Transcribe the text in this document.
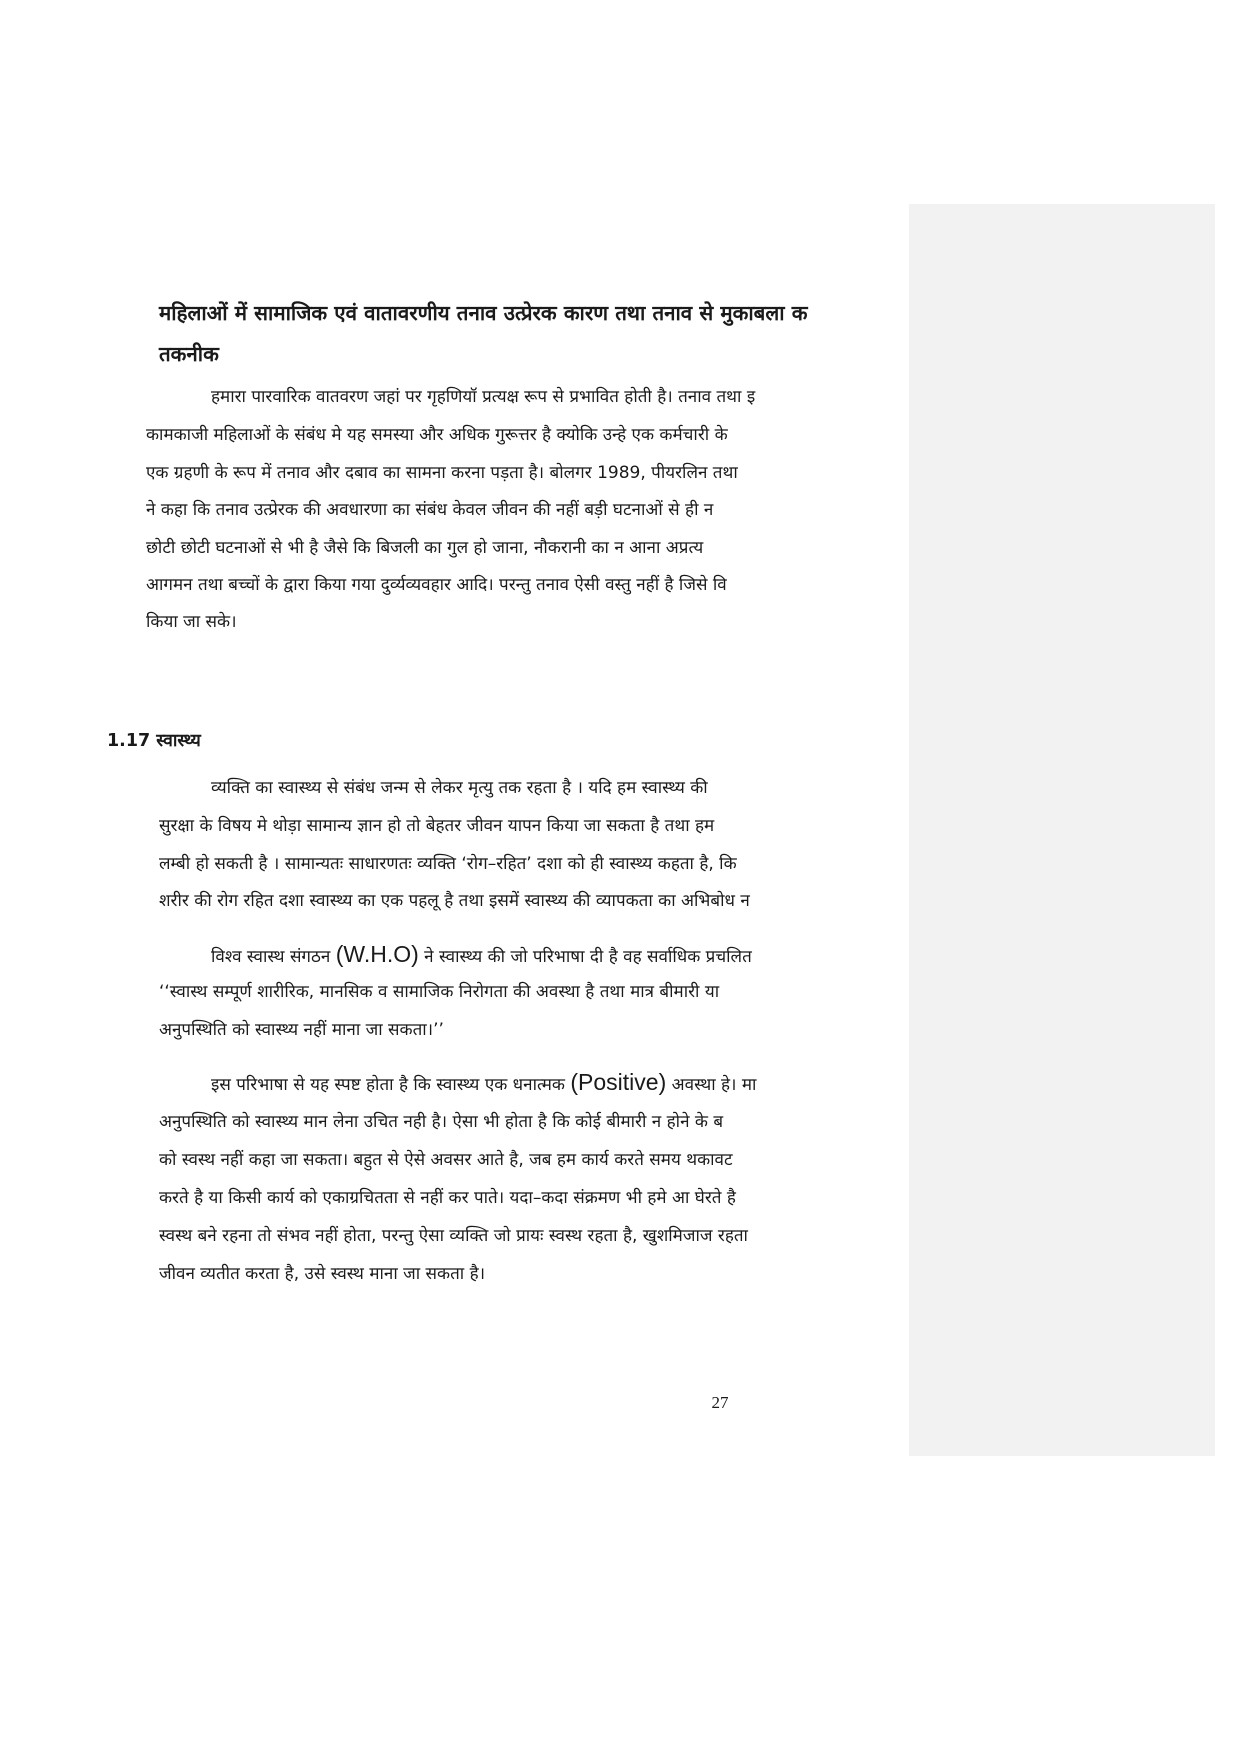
महिलाओं में सामाजिक एवं वातावरणीय तनाव उत्प्रेरक कारण तथा तनाव से मुकाबला क
तकनीक
हमारा पारवारिक वातवरण जहां पर गृहणियॉ प्रत्यक्ष रूप से प्रभावित होती है। तनाव तथा इ
कामकाजी महिलाओं के संबंध मे यह समस्या और अधिक गुरूत्तर है क्योकि उन्हे एक कर्मचारी के
एक ग्रहणी के रूप में तनाव और दबाव का सामना करना पड़ता है। बोलगर 1989, पीयरलिन तथा
ने कहा कि तनाव उत्प्रेरक की अवधारणा का संबंध केवल जीवन की नहीं बड़ी घटनाओं से ही न
छोटी छोटी घटनाओं से भी है जैसे कि बिजली का गुल हो जाना, नौकरानी का न आना अप्रत्य
आगमन तथा बच्चों के द्वारा किया गया दुर्व्यव्यवहार आदि। परन्तु तनाव ऐसी वस्तु नहीं है जिसे वि
किया जा सके।
1.17 स्वास्थ्य
व्यक्ति का स्वास्थ्य से संबंध जन्म से लेकर मृत्यु तक रहता है । यदि हम स्वास्थ्य की
सुरक्षा के विषय मे थोड़ा सामान्य ज्ञान हो तो बेहतर जीवन यापन किया जा सकता है तथा हम
लम्बी हो सकती है । सामान्यतः साधारणतः व्यक्ति ‘रोग–रहित’ दशा को ही स्वास्थ्य कहता है, कि
शरीर की रोग रहित दशा स्वास्थ्य का एक पहलू है तथा इसमें स्वास्थ्य की व्यापकता का अभिबोध न
विश्व स्वास्थ संगठन (W.H.O) ने स्वास्थ्य की जो परिभाषा दी है वह सर्वाधिक प्रचलित
‘‘स्वास्थ सम्पूर्ण शारीरिक, मानसिक व सामाजिक निरोगता की अवस्था है तथा मात्र बीमारी या
अनुपस्थिति को स्वास्थ्य नहीं माना जा सकता।’’
इस परिभाषा से यह स्पष्ट होता है कि स्वास्थ्य एक धनात्मक (Positive) अवस्था हे। मा
अनुपस्थिति को स्वास्थ्य मान लेना उचित नही है। ऐसा भी होता है कि कोई बीमारी न होने के ब
को स्वस्थ नहीं कहा जा सकता। बहुत से ऐसे अवसर आते है, जब हम कार्य करते समय थकावट
करते है या किसी कार्य को एकाग्रचितता से नहीं कर पाते। यदा–कदा संक्रमण भी हमे आ घेरते है
स्वस्थ बने रहना तो संभव नहीं होता, परन्तु ऐसा व्यक्ति जो प्रायः स्वस्थ रहता है, खुशमिजाज रहता
जीवन व्यतीत करता है, उसे स्वस्थ माना जा सकता है।
27
